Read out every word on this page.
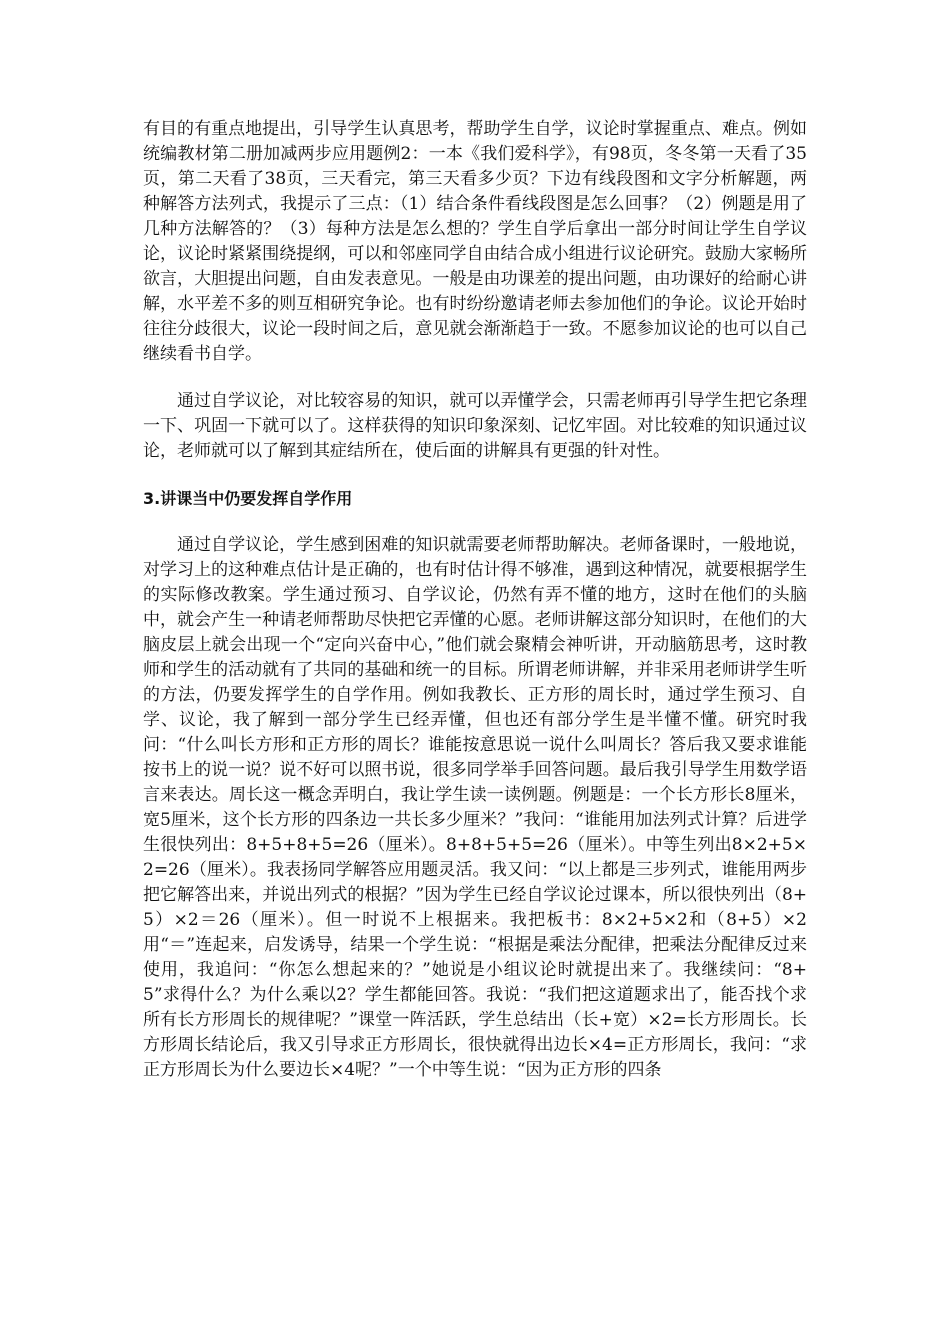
有目的有重点地提出，引导学生认真思考，帮助学生自学，议论时掌握重点、难点。例如统编教材第二册加减两步应用题例2：一本《我们爱科学》，有98页，冬冬第一天看了35页，第二天看了38页，三天看完，第三天看多少页？下边有线段图和文字分析解题，两种解答方法列式，我提示了三点：（1）结合条件看线段图是怎么回事？（2）例题是用了几种方法解答的？（3）每种方法是怎么想的？学生自学后拿出一部分时间让学生自学议论，议论时紧紧围绕提纲，可以和邻座同学自由结合成小组进行议论研究。鼓励大家畅所欲言，大胆提出问题，自由发表意见。一般是由功课差的提出问题，由功课好的给耐心讲解，水平差不多的则互相研究争论。也有时纷纷邀请老师去参加他们的争论。议论开始时往往分歧很大，议论一段时间之后，意见就会渐渐趋于一致。不愿参加议论的也可以自己继续看书自学。

通过自学议论，对比较容易的知识，就可以弄懂学会，只需老师再引导学生把它条理一下、巩固一下就可以了。这样获得的知识印象深刻、记忆牢固。对比较难的知识通过议论，老师就可以了解到其症结所在，使后面的讲解具有更强的针对性。

3.讲课当中仍要发挥自学作用

通过自学议论，学生感到困难的知识就需要老师帮助解决。老师备课时，一般地说，对学习上的这种难点估计是正确的，也有时估计得不够准，遇到这种情况，就要根据学生的实际修改教案。学生通过预习、自学议论，仍然有弄不懂的地方，这时在他们的头脑中，就会产生一种请老师帮助尽快把它弄懂的心愿。老师讲解这部分知识时，在他们的大脑皮层上就会出现一个“定向兴奋中心，”他们就会聚精会神听讲，开动脑筋思考，这时教师和学生的活动就有了共同的基础和统一的目标。所谓老师讲解，并非采用老师讲学生听的方法，仍要发挥学生的自学作用。例如我教长、正方形的周长时，通过学生预习、自学、议论，我了解到一部分学生已经弄懂，但也还有部分学生是半懂不懂。研究时我问：“什么叫长方形和正方形的周长？谁能按意思说一说什么叫周长？答后我又要求谁能按书上的说一说？说不好可以照书说，很多同学举手回答问题。最后我引导学生用数学语言来表达。周长这一概念弄明白，我让学生读一读例题。例题是：一个长方形长8厘米，宽5厘米，这个长方形的四条边一共长多少厘米？”我问：“谁能用加法列式计算？后进学生很快列出：8+5+8+5=26（厘米）。8+8+5+5=26（厘米）。中等生列出8×2+5×2=26（厘米）。我表扬同学解答应用题灵活。我又问：“以上都是三步列式，谁能用两步把它解答出来，并说出列式的根据？”因为学生已经自学议论过课本，所以很快列出（8+5）×2＝26（厘米）。但一时说不上根据来。我把板书：8×2+5×2和（8+5）×2用“＝”连起来，启发诱导，结果一个学生说：“根据是乘法分配律，把乘法分配律反过来使用，我追问：“你怎么想起来的？”她说是小组议论时就提出来了。我继续问：“8+5”求得什么？为什么乘以2？学生都能回答。我说：“我们把这道题求出了，能否找个求所有长方形周长的规律呢？”课堂一阵活跃，学生总结出（长+宽）×2=长方形周长。长方形周长结论后，我又引导求正方形周长，很快就得出边长×4=正方形周长，我问：“求正方形周长为什么要边长×4呢？”一个中等生说：“因为正方形的四条
